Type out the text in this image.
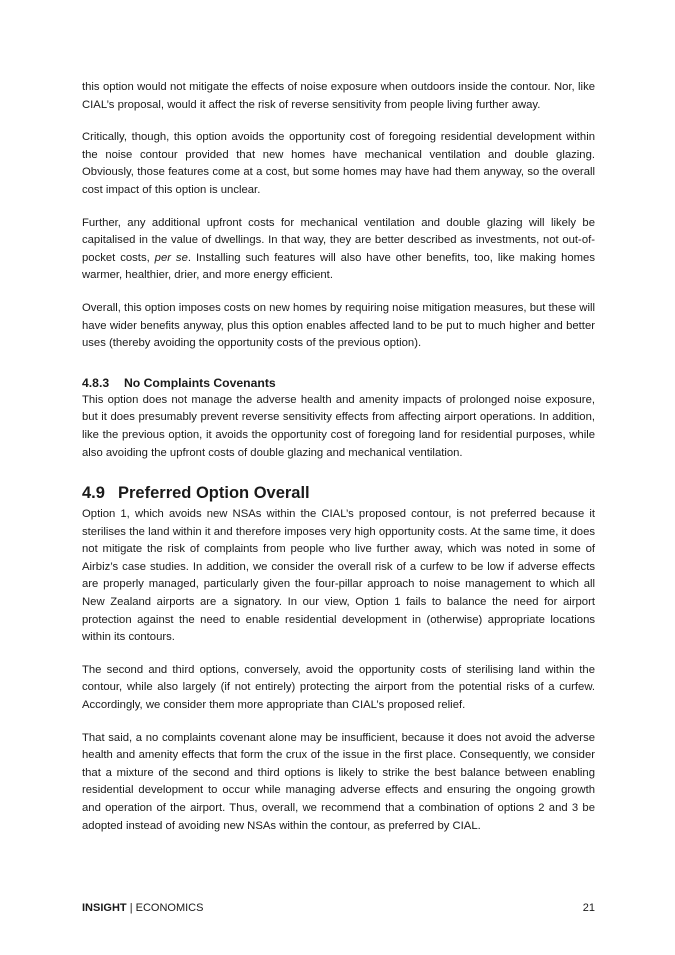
this option would not mitigate the effects of noise exposure when outdoors inside the contour. Nor, like CIAL’s proposal, would it affect the risk of reverse sensitivity from people living further away.

Critically, though, this option avoids the opportunity cost of foregoing residential development within the noise contour provided that new homes have mechanical ventilation and double glazing. Obviously, those features come at a cost, but some homes may have had them anyway, so the overall cost impact of this option is unclear.

Further, any additional upfront costs for mechanical ventilation and double glazing will likely be capitalised in the value of dwellings. In that way, they are better described as investments, not out-of-pocket costs, per se. Installing such features will also have other benefits, too, like making homes warmer, healthier, drier, and more energy efficient.

Overall, this option imposes costs on new homes by requiring noise mitigation measures, but these will have wider benefits anyway, plus this option enables affected land to be put to much higher and better uses (thereby avoiding the opportunity costs of the previous option).

4.8.3 No Complaints Covenants

This option does not manage the adverse health and amenity impacts of prolonged noise exposure, but it does presumably prevent reverse sensitivity effects from affecting airport operations. In addition, like the previous option, it avoids the opportunity cost of foregoing land for residential purposes, while also avoiding the upfront costs of double glazing and mechanical ventilation.

4.9 Preferred Option Overall

Option 1, which avoids new NSAs within the CIAL’s proposed contour, is not preferred because it sterilises the land within it and therefore imposes very high opportunity costs. At the same time, it does not mitigate the risk of complaints from people who live further away, which was noted in some of Airbiz’s case studies. In addition, we consider the overall risk of a curfew to be low if adverse effects are properly managed, particularly given the four-pillar approach to noise management to which all New Zealand airports are a signatory. In our view, Option 1 fails to balance the need for airport protection against the need to enable residential development in (otherwise) appropriate locations within its contours.

The second and third options, conversely, avoid the opportunity costs of sterilising land within the contour, while also largely (if not entirely) protecting the airport from the potential risks of a curfew. Accordingly, we consider them more appropriate than CIAL’s proposed relief.

That said, a no complaints covenant alone may be insufficient, because it does not avoid the adverse health and amenity effects that form the crux of the issue in the first place. Consequently, we consider that a mixture of the second and third options is likely to strike the best balance between enabling residential development to occur while managing adverse effects and ensuring the ongoing growth and operation of the airport. Thus, overall, we recommend that a combination of options 2 and 3 be adopted instead of avoiding new NSAs within the contour, as preferred by CIAL.

INSIGHT | ECONOMICS	21
